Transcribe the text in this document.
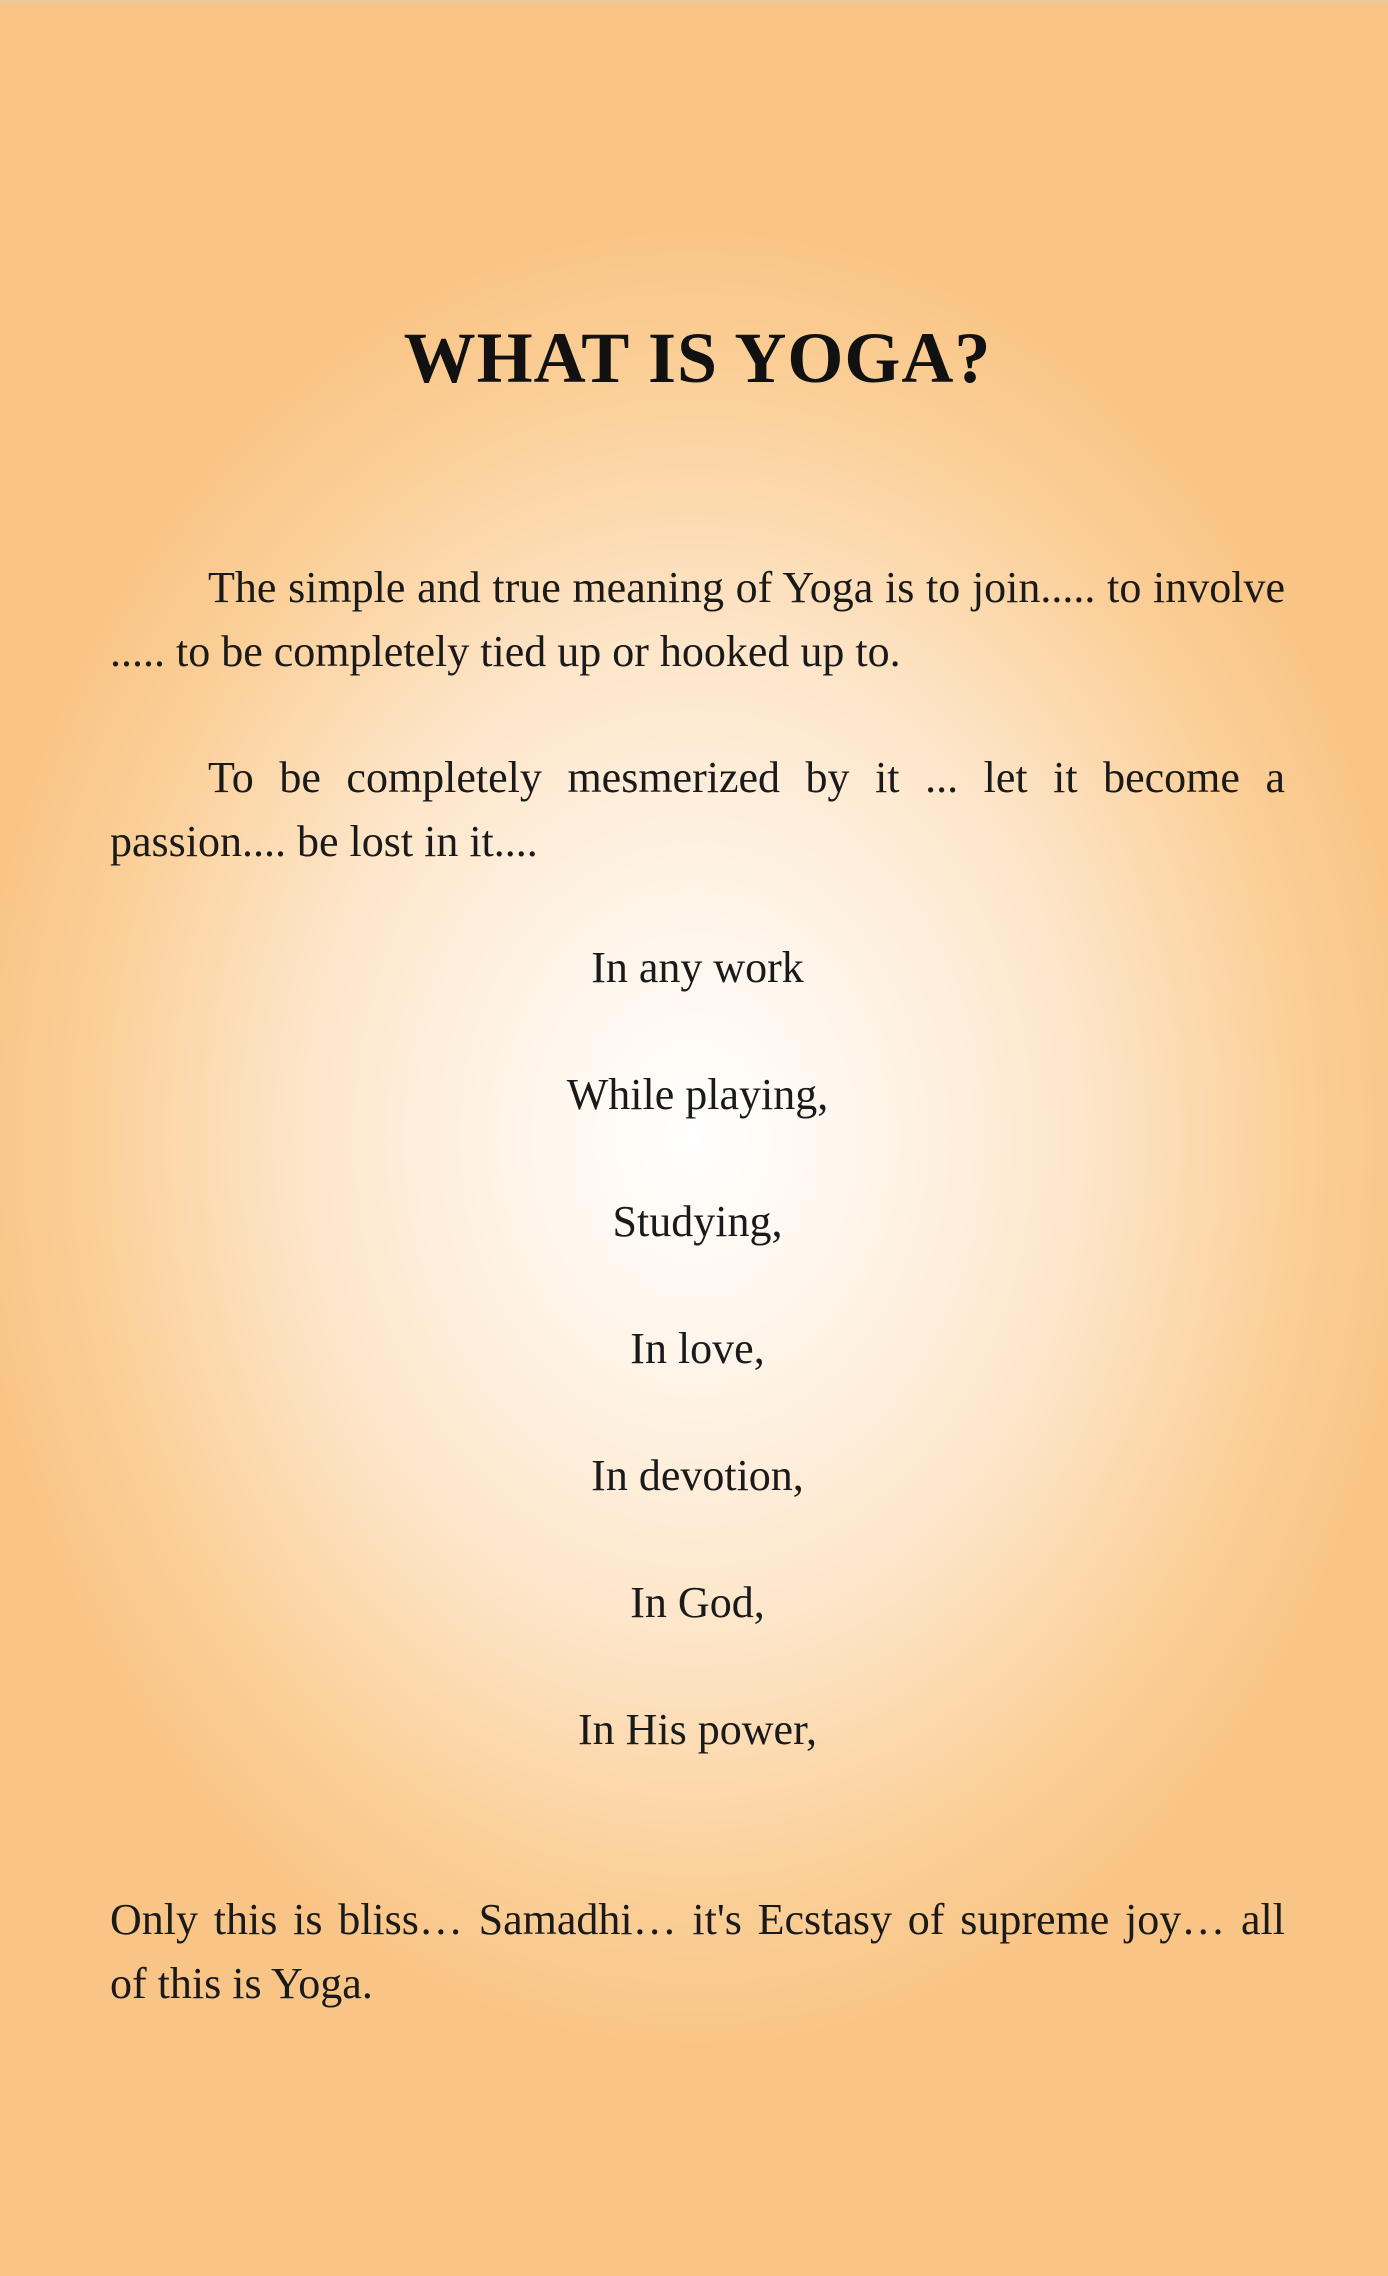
WHAT IS YOGA?

The simple and true meaning of Yoga is to join..... to involve ..... to be completely tied up or hooked up to.

To be completely mesmerized by it ... let it become a passion.... be lost in it....

In any work
While playing,
Studying,
In love,
In devotion,
In God,
In His power,

Only this is bliss… Samadhi… it's Ecstasy of supreme joy… all of this is Yoga.
